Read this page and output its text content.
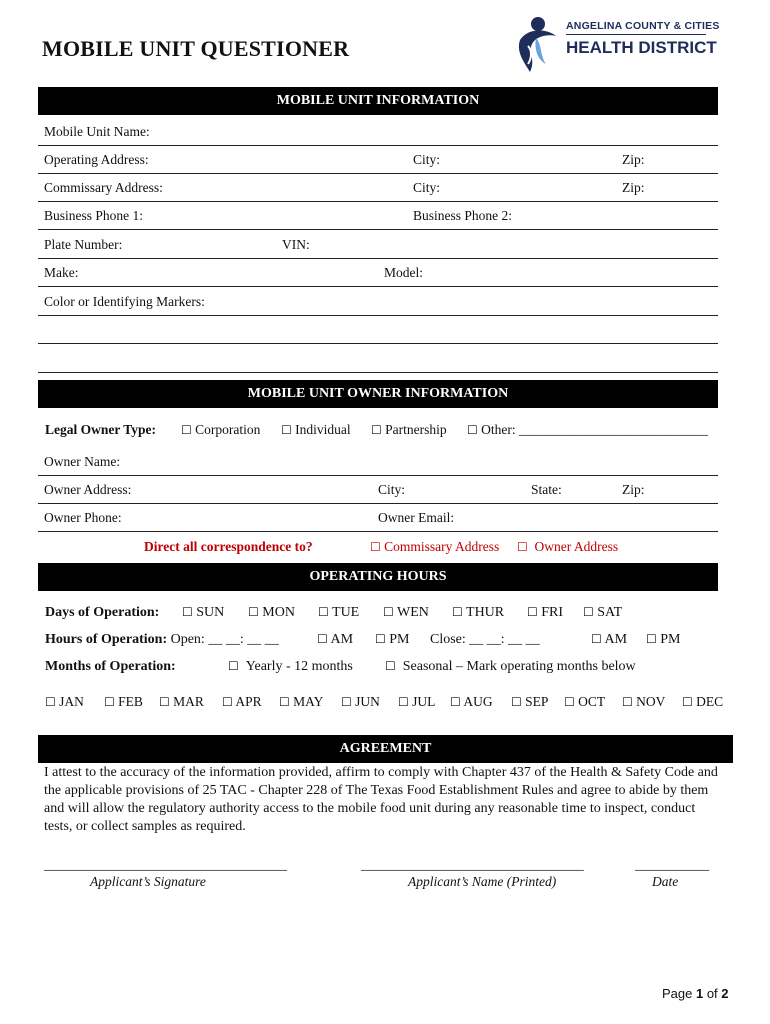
MOBILE UNIT QUESTIONER
ANGELINA COUNTY & CITIES
HEALTH DISTRICT
MOBILE UNIT INFORMATION
Mobile Unit Name:
Operating Address:	City:	Zip:
Commissary Address:	City:	Zip:
Business Phone 1:	Business Phone 2:
Plate Number:	VIN:
Make:	Model:
Color or Identifying Markers:
MOBILE UNIT OWNER INFORMATION
Legal Owner Type: ☐ Corporation ☐ Individual ☐ Partnership ☐ Other: ____________________________
Owner Name:
Owner Address:	City:	State:	Zip:
Owner Phone:	Owner Email:
Direct all correspondence to?	☐ Commissary Address ☐ Owner Address
OPERATING HOURS
Days of Operation: ☐ SUN ☐ MON ☐ TUE ☐ WEN ☐ THUR ☐ FRI ☐ SAT
Hours of Operation: Open: __ __: __ __	☐ AM ☐ PM Close: __ __: __ __	☐ AM ☐ PM
Months of Operation:	☐ Yearly - 12 months	☐ Seasonal – Mark operating months below
☐ JAN ☐ FEB ☐ MAR ☐ APR ☐ MAY ☐ JUN ☐ JUL ☐ AUG ☐ SEP ☐ OCT ☐ NOV ☐ DEC
AGREEMENT
I attest to the accuracy of the information provided, affirm to comply with Chapter 437 of the Health & Safety Code and the applicable provisions of 25 TAC - Chapter 228 of The Texas Food Establishment Rules and agree to abide by them and will allow the regulatory authority access to the mobile food unit during any reasonable time to inspect, conduct tests, or collect samples as required.
____________________________________	_________________________________	___________
Applicant’s Signature	Applicant’s Name (Printed)	Date
Page 1 of 2
